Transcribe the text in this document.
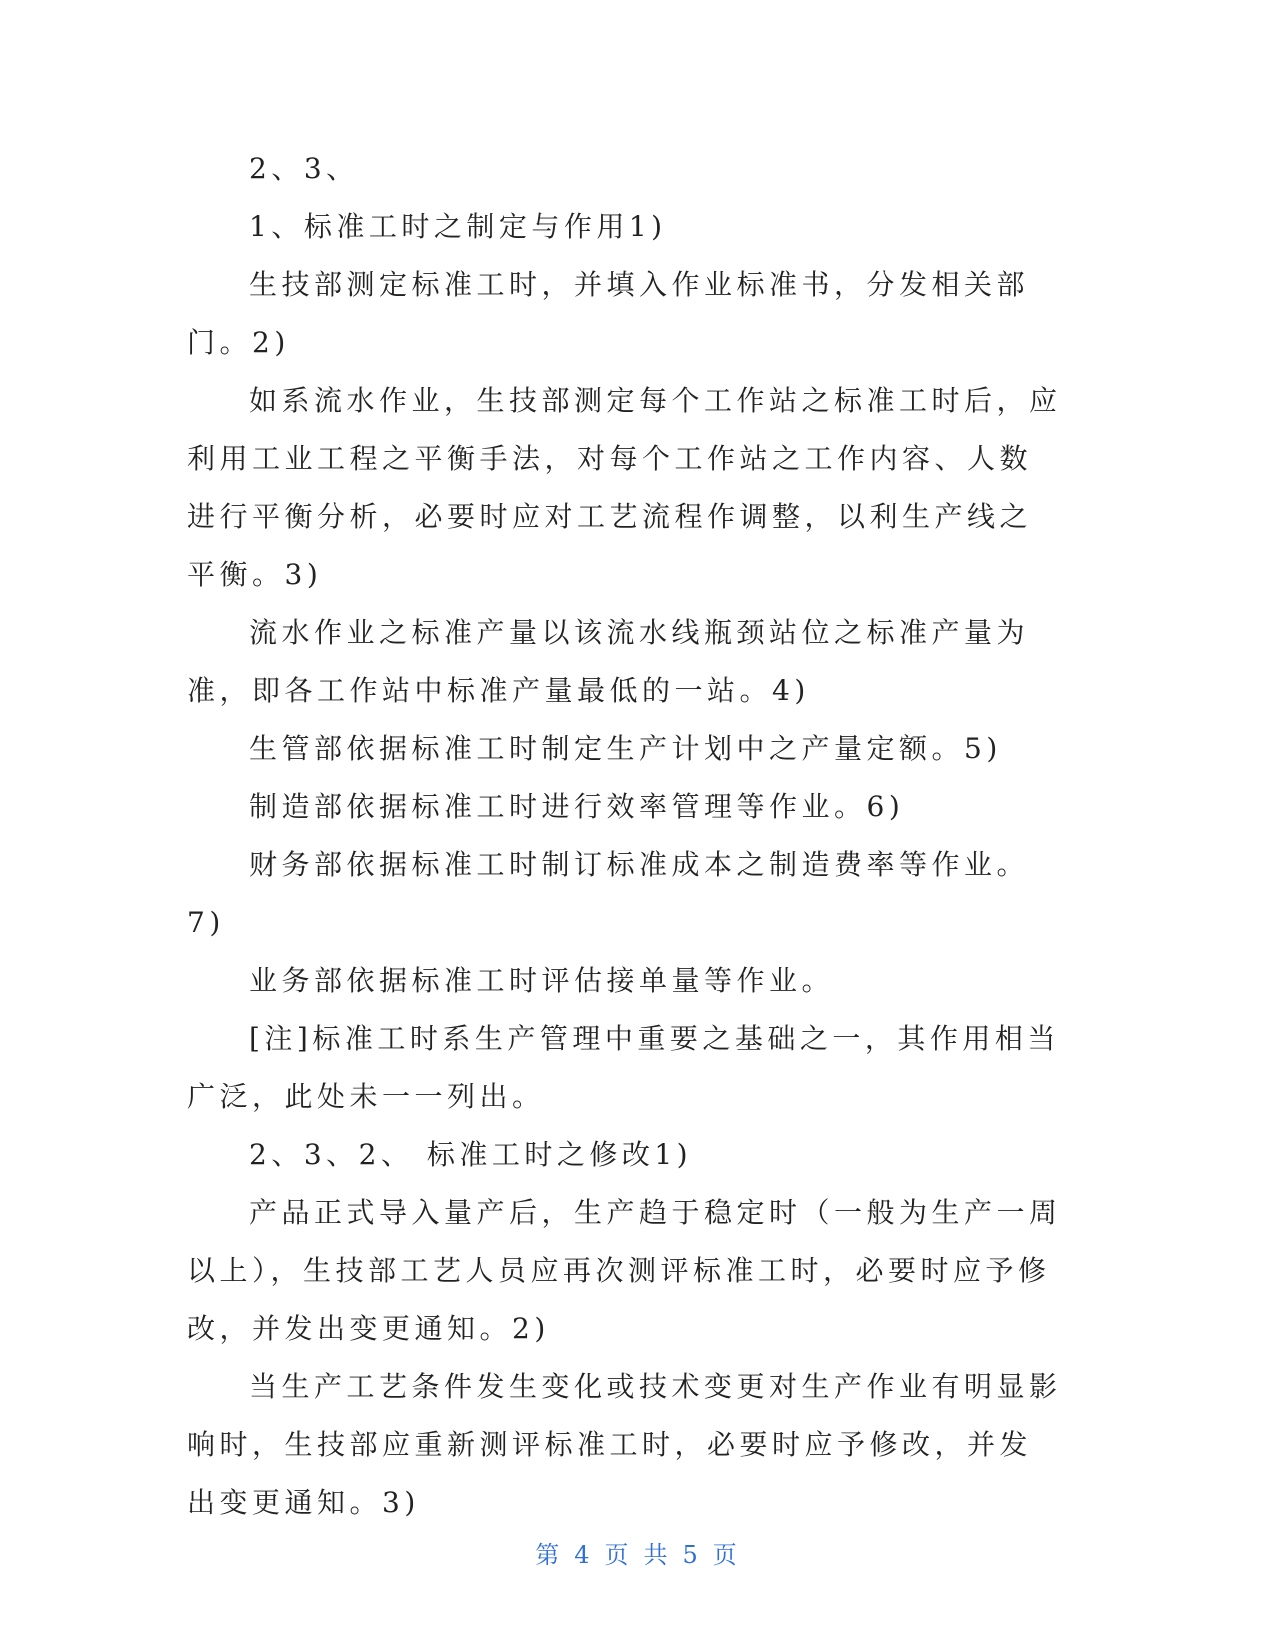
2、3、

1、标准工时之制定与作用1)

生技部测定标准工时，并填入作业标准书，分发相关部门。2)

如系流水作业，生技部测定每个工作站之标准工时后，应利用工业工程之平衡手法，对每个工作站之工作内容、人数进行平衡分析，必要时应对工艺流程作调整，以利生产线之平衡。3)

流水作业之标准产量以该流水线瓶颈站位之标准产量为准，即各工作站中标准产量最低的一站。4)

生管部依据标准工时制定生产计划中之产量定额。5)

制造部依据标准工时进行效率管理等作业。6)

财务部依据标准工时制订标准成本之制造费率等作业。7)

业务部依据标准工时评估接单量等作业。

[注]标准工时系生产管理中重要之基础之一，其作用相当广泛，此处未一一列出。

2、3、2、 标准工时之修改1)

产品正式导入量产后，生产趋于稳定时（一般为生产一周以上），生技部工艺人员应再次测评标准工时，必要时应予修改，并发出变更通知。2)

当生产工艺条件发生变化或技术变更对生产作业有明显影响时，生技部应重新测评标准工时，必要时应予修改，并发出变更通知。3)

第 4 页 共 5 页
